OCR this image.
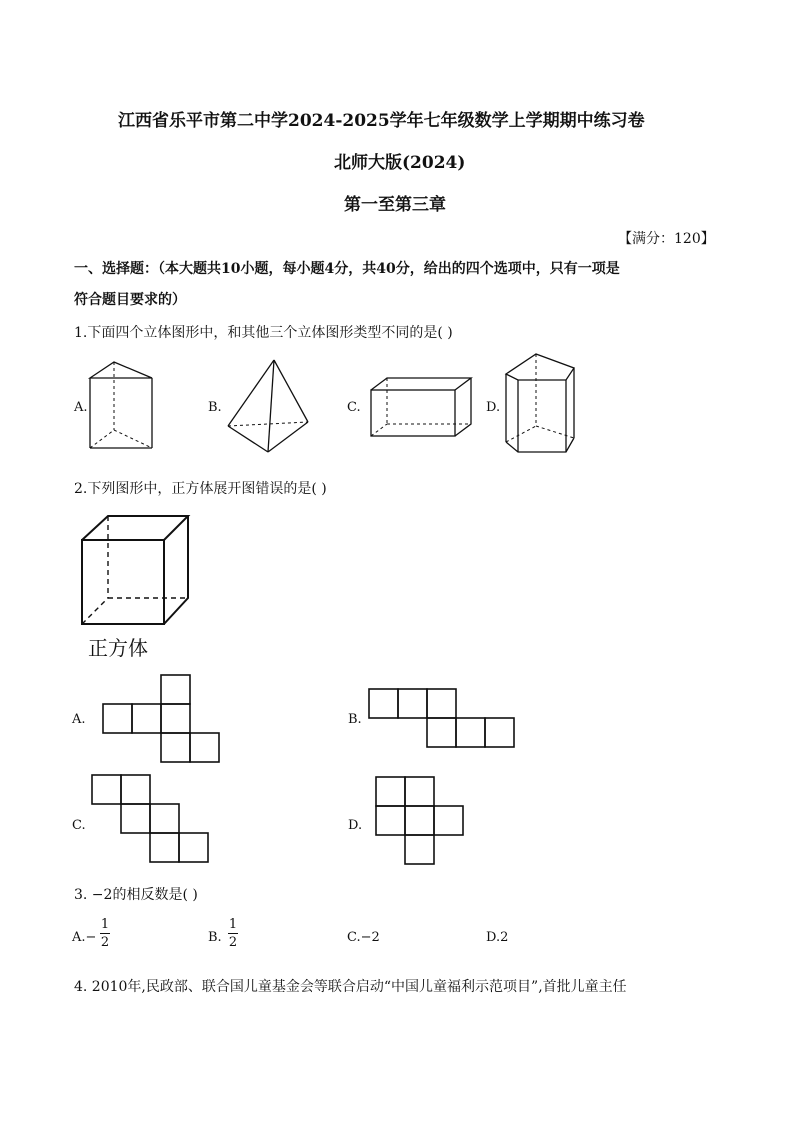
江西省乐平市第二中学2024-2025学年七年级数学上学期期中练习卷
北师大版(2024)
第一至第三章
【满分：120】
一、选择题：（本大题共10小题，每小题4分，共40分，给出的四个选项中，只有一项是
符合题目要求的）
1.下面四个立体图形中，和其他三个立体图形类型不同的是( )
A.	B.	C.	D.
2.下列图形中，正方体展开图错误的是( )
正方体
A.	B.
C.	D.
3. −2的相反数是( )
A.−
1
2	B.
1
2	C.−2	D.2
4. 2010年,民政部、联合国儿童基金会等联合启动“中国儿童福利示范项目”,首批儿童主任
